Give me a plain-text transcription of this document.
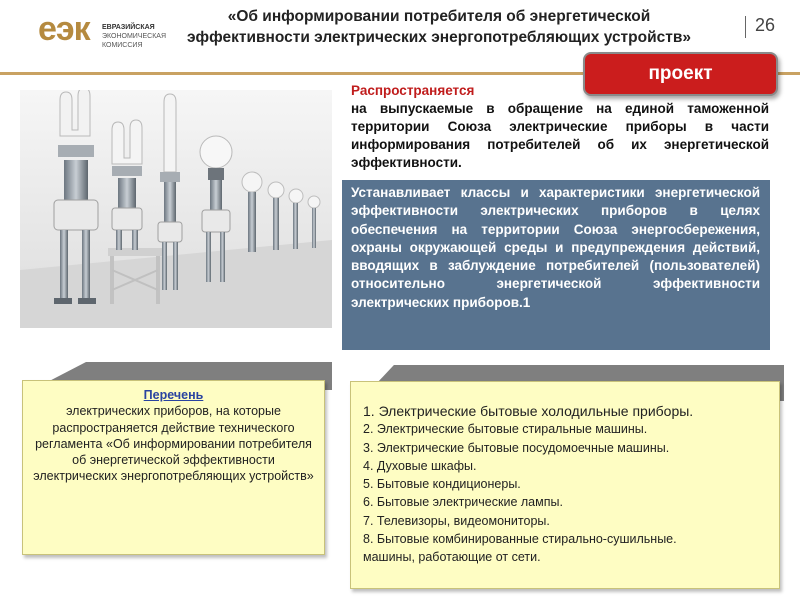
еэк ЕВРАЗИЙСКАЯ
ЭКОНОМИЧЕСКАЯ
КОМИССИЯ
«Об информировании потребителя об энергетической
эффективности электрических энергопотребляющих устройств»
26
проект
Распространяется
на выпускаемые в обращение на единой таможенной территории Союза электрические приборы в части информирования потребителей об их энергетической эффективности.
Устанавливает классы и характеристики энергетической эффективности электрических приборов в целях обеспечения на территории Союза энергосбережения, охраны окружающей среды и предупреждения действий, вводящих в заблуждение потребителей (пользователей) относительно энергетической эффективности электрических приборов.1
Перечень
электрических приборов, на которые распространяется действие технического регламента «Об информировании потребителя об энергетической эффективности электрических энергопотребляющих устройств»
1. Электрические бытовые холодильные приборы.
2. Электрические бытовые стиральные машины.
3. Электрические бытовые посудомоечные машины.
4. Духовые шкафы.
5. Бытовые кондиционеры.
6. Бытовые электрические лампы.
7. Телевизоры, видеомониторы.
8. Бытовые комбинированные стирально-сушильные.
машины, работающие от сети.
